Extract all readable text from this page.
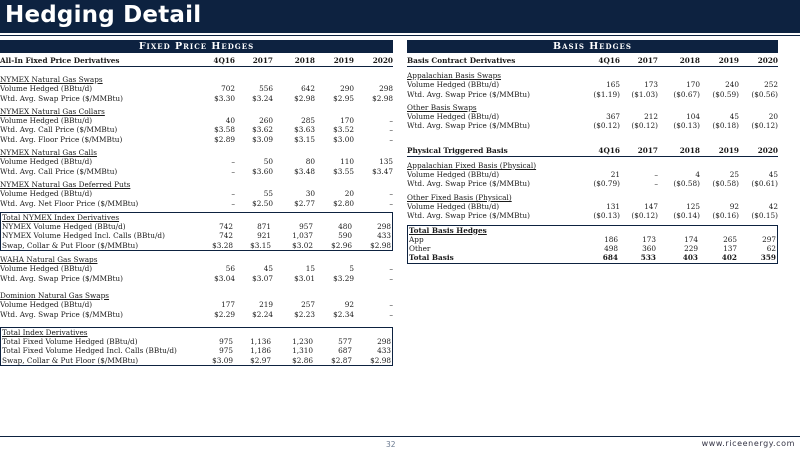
Hedging Detail
Fixed Price Hedges
All-In Fixed Price Derivatives	4Q16	2017	2018	2019	2020
NYMEX Natural Gas Swaps
Volume Hedged (BBtu/d)	702	556	642	290	298
Wtd. Avg. Swap Price ($/MMBtu)	$3.30	$3.24	$2.98	$2.95	$2.98
NYMEX Natural Gas Collars
Volume Hedged (BBtu/d)	40	260	285	170	–
Wtd. Avg. Call Price ($/MMBtu)	$3.58	$3.62	$3.63	$3.52	–
Wtd. Avg. Floor Price ($/MMBtu)	$2.89	$3.09	$3.15	$3.00	–
NYMEX Natural Gas Calls
Volume Hedged (BBtu/d)	–	50	80	110	135
Wtd. Avg. Call Price ($/MMBtu)	–	$3.60	$3.48	$3.55	$3.47
NYMEX Natural Gas Deferred Puts
Volume Hedged (BBtu/d)	–	55	30	20	–
Wtd. Avg. Net Floor Price ($/MMBtu)	–	$2.50	$2.77	$2.80	–
Total NYMEX Index Derivatives
NYMEX Volume Hedged (BBtu/d)	742	871	957	480	298
NYMEX Volume Hedged Incl. Calls (BBtu/d)	742	921	1,037	590	433
Swap, Collar & Put Floor ($/MMBtu)	$3.28	$3.15	$3.02	$2.96	$2.98
WAHA Natural Gas Swaps
Volume Hedged (BBtu/d)	56	45	15	5	–
Wtd. Avg. Swap Price ($/MMBtu)	$3.04	$3.07	$3.01	$3.29	–
Dominion Natural Gas Swaps
Volume Hedged (BBtu/d)	177	219	257	92	–
Wtd. Avg. Swap Price ($/MMBtu)	$2.29	$2.24	$2.23	$2.34	–
Total Index Derivatives
Total Fixed Volume Hedged (BBtu/d)	975	1,136	1,230	577	298
Total Fixed Volume Hedged Incl. Calls (BBtu/d)	975	1,186	1,310	687	433
Swap, Collar & Put Floor ($/MMBtu)	$3.09	$2.97	$2.86	$2.87	$2.98
Basis Hedges
Basis Contract Derivatives	4Q16	2017	2018	2019	2020
Appalachian Basis Swaps
Volume Hedged (BBtu/d)	165	173	170	240	252
Wtd. Avg. Swap Price ($/MMBtu)	($1.19)	($1.03)	($0.67)	($0.59)	($0.56)
Other Basis Swaps
Volume Hedged (BBtu/d)	367	212	104	45	20
Wtd. Avg. Swap Price ($/MMBtu)	($0.12)	($0.12)	($0.13)	($0.18)	($0.12)
Physical Triggered Basis	4Q16	2017	2018	2019	2020
Appalachian Fixed Basis (Physical)
Volume Hedged (BBtu/d)	21	–	4	25	45
Wtd. Avg. Swap Price ($/MMBtu)	($0.79)	–	($0.58)	($0.58)	($0.61)
Other Fixed Basis (Physical)
Volume Hedged (BBtu/d)	131	147	125	92	42
Wtd. Avg. Swap Price ($/MMBtu)	($0.13)	($0.12)	($0.14)	($0.16)	($0.15)
Total Basis Hedges
App	186	173	174	265	297
Other	498	360	229	137	62
Total Basis	684	533	403	402	359
32	www.riceenergy.com
